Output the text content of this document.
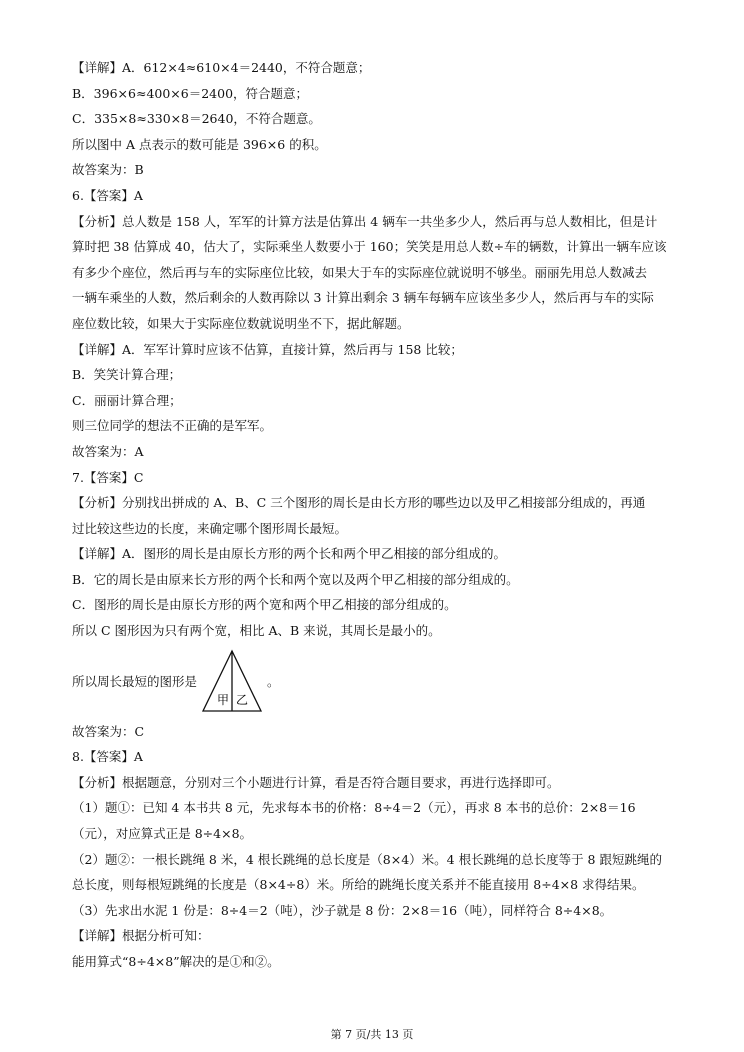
【详解】A．612×4≈610×4＝2440，不符合题意；

B．396×6≈400×6＝2400，符合题意；

C．335×8≈330×8＝2640，不符合题意。

所以图中 A 点表示的数可能是 396×6 的积。

故答案为：B

6.【答案】A

【分析】总人数是 158 人，军军的计算方法是估算出 4 辆车一共坐多少人，然后再与总人数相比，但是计

算时把 38 估算成 40，估大了，实际乘坐人数要小于 160；笑笑是用总人数÷车的辆数，计算出一辆车应该

有多少个座位，然后再与车的实际座位比较，如果大于车的实际座位就说明不够坐。丽丽先用总人数减去

一辆车乘坐的人数，然后剩余的人数再除以 3 计算出剩余 3 辆车每辆车应该坐多少人，然后再与车的实际

座位数比较，如果大于实际座位数就说明坐不下，据此解题。

【详解】A．军军计算时应该不估算，直接计算，然后再与 158 比较；

B．笑笑计算合理；

C．丽丽计算合理；

则三位同学的想法不正确的是军军。

故答案为：A

7.【答案】C

【分析】分别找出拼成的 A、B、C 三个图形的周长是由长方形的哪些边以及甲乙相接部分组成的，再通

过比较这些边的长度，来确定哪个图形周长最短。

【详解】A．图形的周长是由原长方形的两个长和两个甲乙相接的部分组成的。

B．它的周长是由原来长方形的两个长和两个宽以及两个甲乙相接的部分组成的。

C．图形的周长是由原长方形的两个宽和两个甲乙相接的部分组成的。

所以 C 图形因为只有两个宽，相比 A、B 来说，其周长是最小的。

所以周长最短的图形是
甲 乙
。

故答案为：C

8.【答案】A

【分析】根据题意，分别对三个小题进行计算，看是否符合题目要求，再进行选择即可。

（1）题①：已知 4 本书共 8 元，先求每本书的价格：8÷4＝2（元），再求 8 本书的总价：2×8＝16

（元），对应算式正是 8÷4×8。

（2）题②：一根长跳绳 8 米，4 根长跳绳的总长度是（8×4）米。4 根长跳绳的总长度等于 8 跟短跳绳的

总长度，则每根短跳绳的长度是（8×4÷8）米。所给的跳绳长度关系并不能直接用 8÷4×8 求得结果。

（3）先求出水泥 1 份是：8÷4＝2（吨），沙子就是 8 份：2×8＝16（吨），同样符合 8÷4×8。

【详解】根据分析可知：

能用算式“8÷4×8”解决的是①和②。

第 7 页/共 13 页
